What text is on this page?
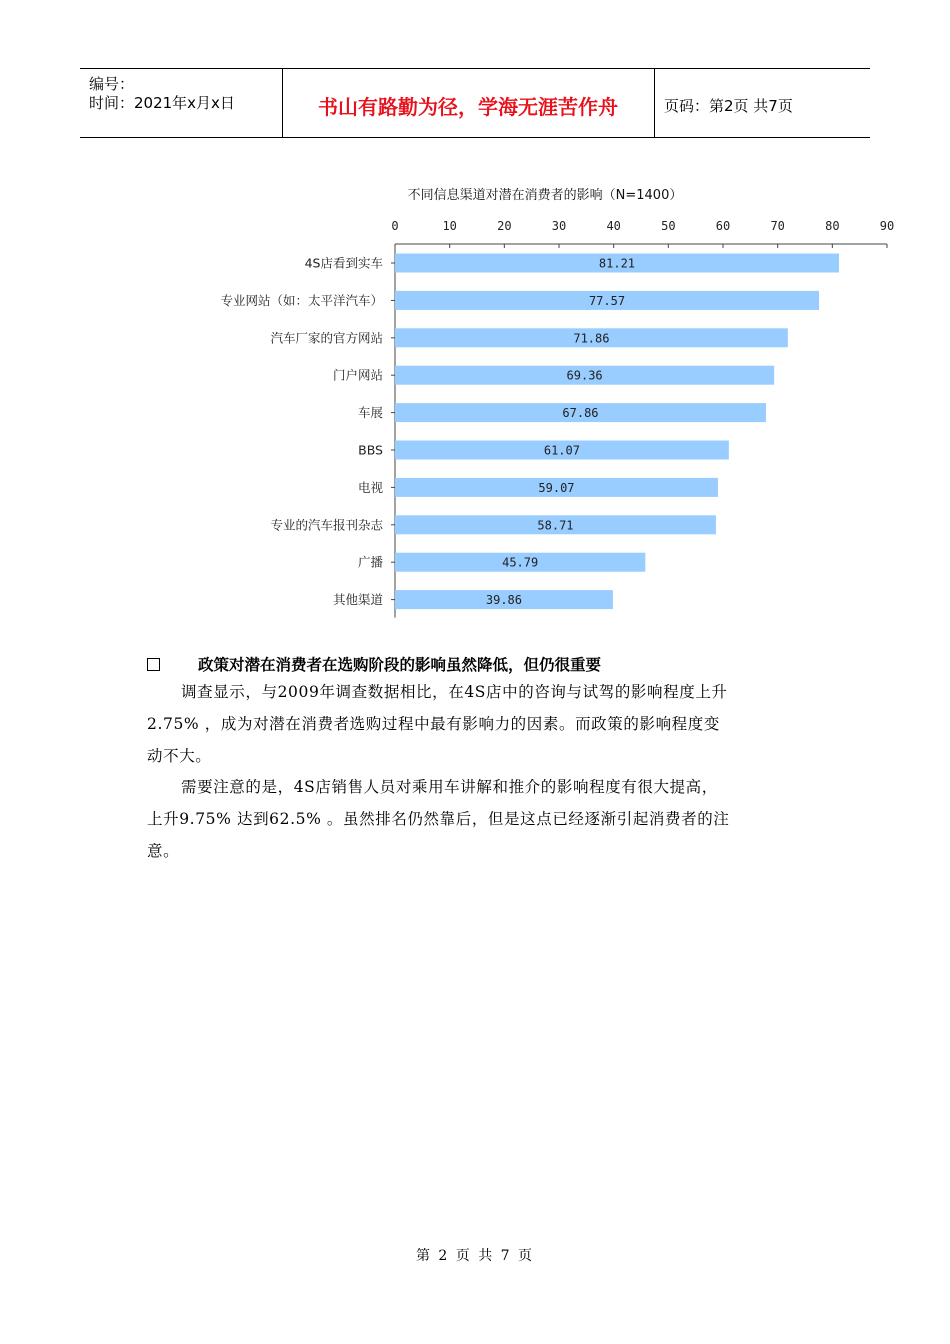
编号：
时间：2021年x月x日	书山有路勤为径，学海无涯苦作舟	页码：第2页 共7页
不同信息渠道对潜在消费者的影响（N=1400）
0	10	20	30	40	50	60	70	80	90
4S店看到实车	81.21
专业网站（如：太平洋汽车）	77.57
汽车厂家的官方网站	71.86
门户网站	69.36
车展	67.86
BBS	61.07
电视	59.07
专业的汽车报刊杂志	58.71
广播	45.79
其他渠道	39.86
政策对潜在消费者在选购阶段的影响虽然降低，但仍很重要

调查显示，与2009年调查数据相比，在4S店中的咨询与试驾的影响程度上升
2.75% ，成为对潜在消费者选购过程中最有影响力的因素。而政策的影响程度变
动不大。

需要注意的是，4S店销售人员对乘用车讲解和推介的影响程度有很大提高，
上升9.75% 达到62.5% 。虽然排名仍然靠后，但是这点已经逐渐引起消费者的注
意。

第 2 页 共 7 页
